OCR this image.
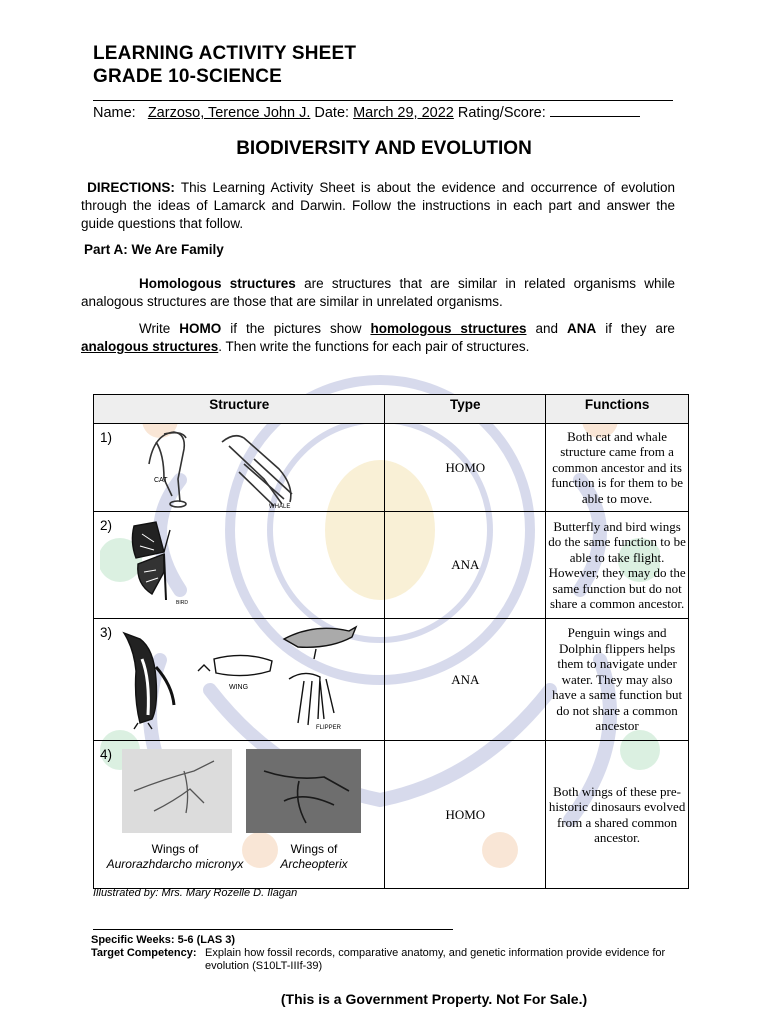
LEARNING ACTIVITY SHEET
GRADE 10-SCIENCE
Name: Zarzoso, Terence John J. Date: March 29, 2022 Rating/Score:
BIODIVERSITY AND EVOLUTION
DIRECTIONS: This Learning Activity Sheet is about the evidence and occurrence of evolution through the ideas of Lamarck and Darwin. Follow the instructions in each part and answer the guide questions that follow.
Part A: We Are Family
Homologous structures are structures that are similar in related organisms while analogous structures are those that are similar in unrelated organisms.
Write HOMO if the pictures show homologous structures and ANA if they are analogous structures. Then write the functions for each pair of structures.
Structure	Type	Functions

1)
CAT
WHALE	HOMO	Both cat and whale structure came from a common ancestor and its function is for them to be able to move.

2)
BIRD	ANA	Butterfly and bird wings do the same function to be able to take flight. However, they may do the same function but do not share a common ancestor.

3)
WING
FLIPPER	ANA	Penguin wings and Dolphin flippers helps them to navigate under water. They may also have a same function but do not share a common ancestor

4)
Wings of
Aurorazhdarcho micronyx
Wings of
Archeopterix	HOMO	Both wings of these pre-historic dinosaurs evolved from a shared common ancestor.
Illustrated by: Mrs. Mary Rozelle D. Ilagan
Specific Weeks: 5-6 (LAS 3)
Target Competency: Explain how fossil records, comparative anatomy, and genetic information provide evidence for evolution (S10LT-IIIf-39)
(This is a Government Property. Not For Sale.)
